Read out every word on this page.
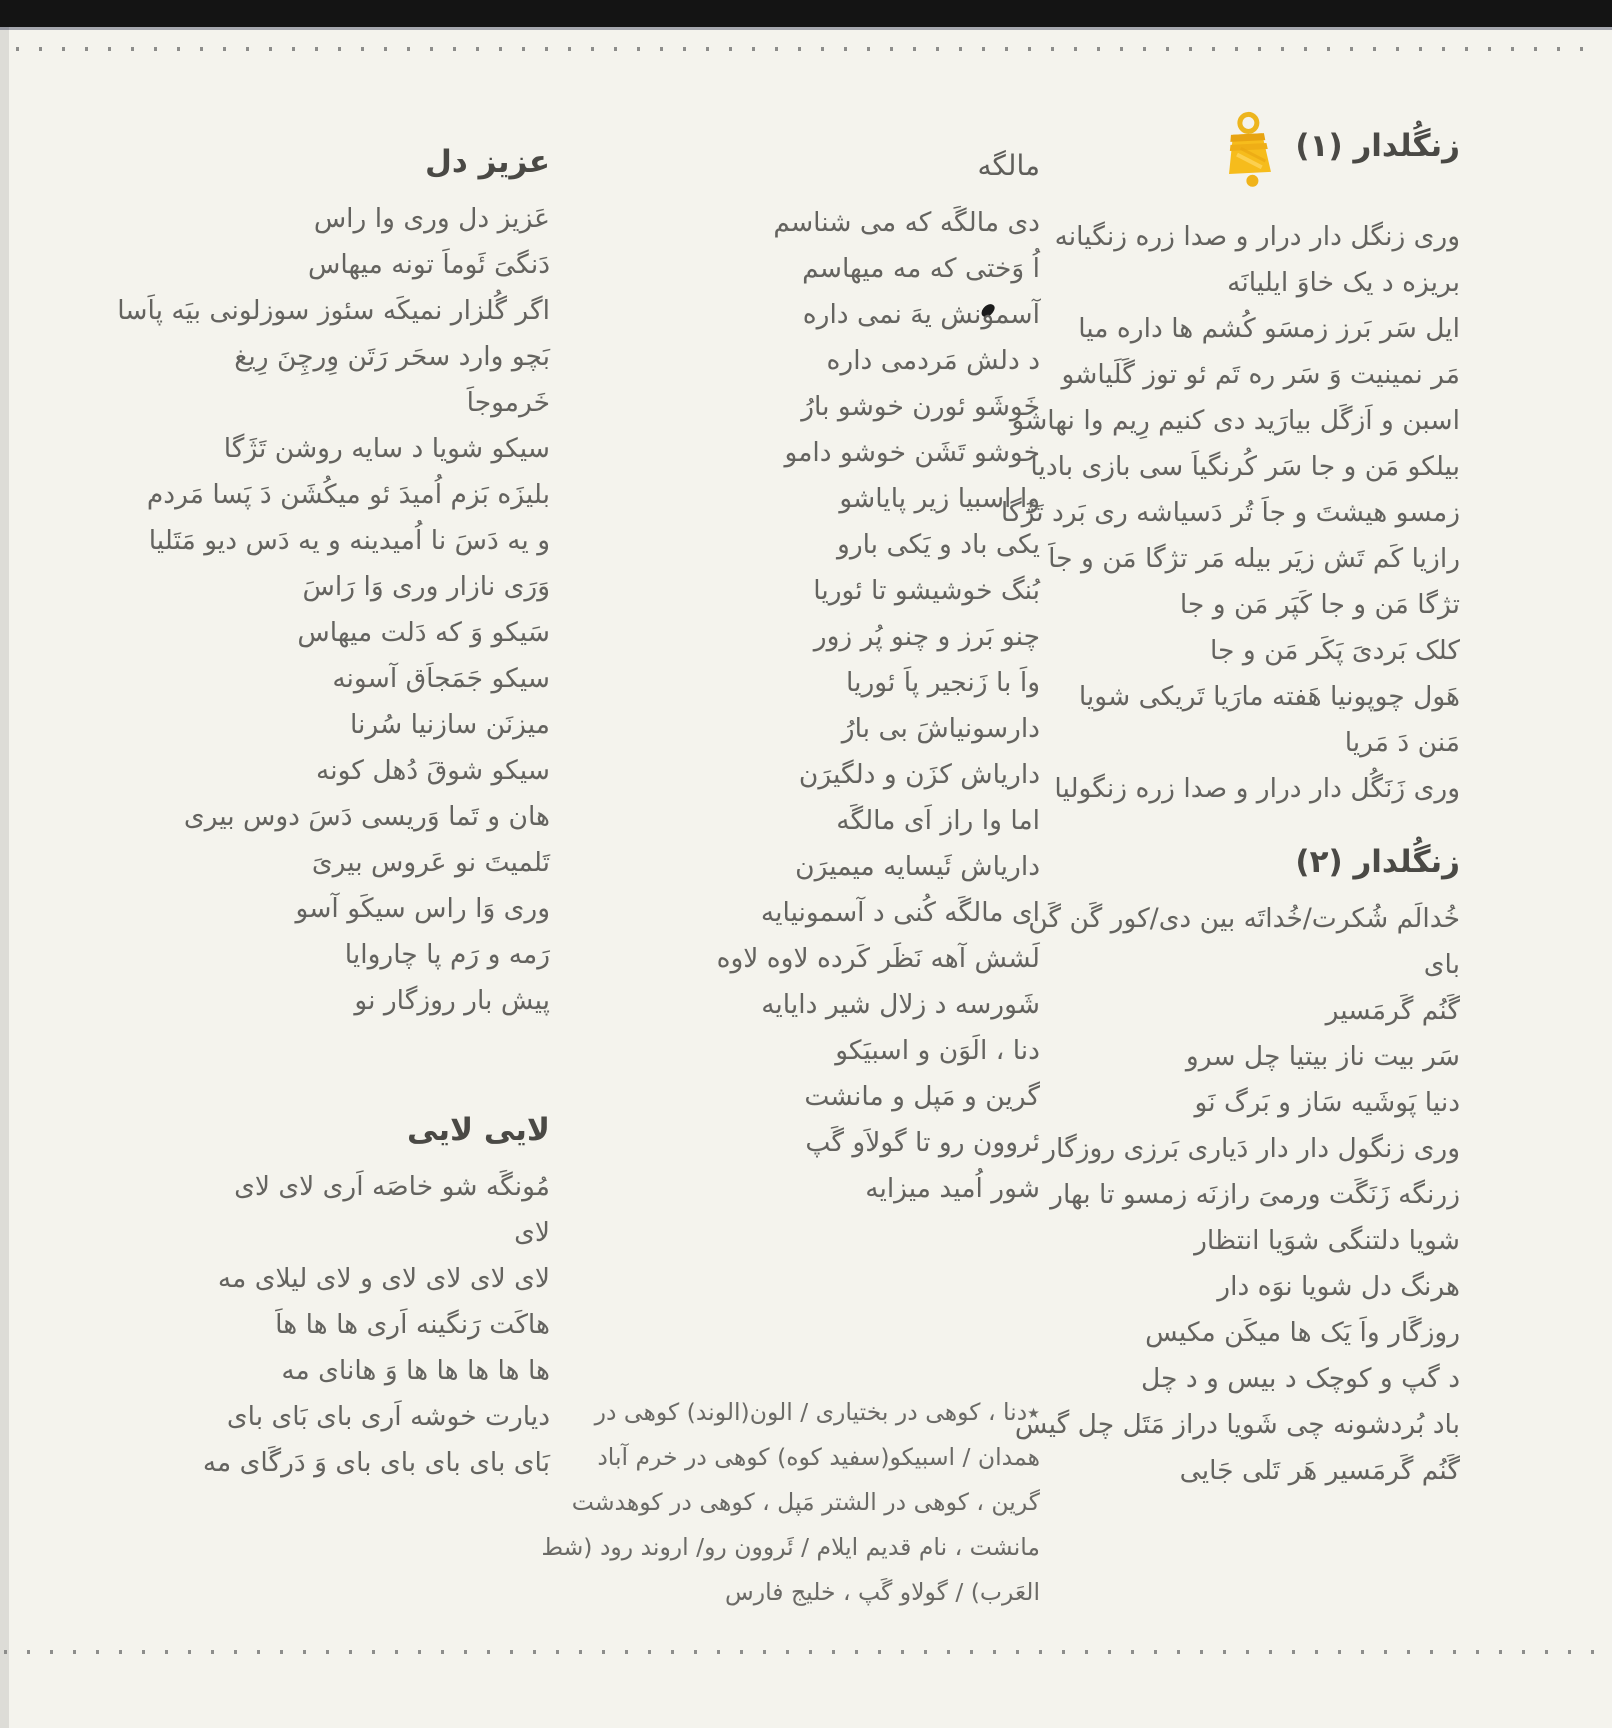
زنگُلدار (۱)
وری زنگل دار درار و صدا زره زنگیانه
بریزه د یک خاوَ ایلیانَه
ایل سَر بَرز زمسَو کُشم ها داره میا
مَر نمینیت وَ سَر ره تَم ئو توز گَلَیاشو
اسبن و اَزگَل بیارَید دی کنیم رِیم وا نهاشو
بیلکو مَن و جا سَر کُرنگیاَ سی بازی بادیا
زمسو هیشتَ و جاَ تُر دَسیاشه ری بَرد تَژَگا
رازیا کَم تَش زیَر بیله مَر تژگا مَن و جاَ
تژگا مَن و جا کَپَر مَن و جا
کلک بَردیَ پَکَر مَن و جا
هَول چوپونیا هَفته مارَیا تَریکی شویا
مَنن دَ مَریا
وری زَنَگُل دار درار و صدا زره زنگولیا
زنگُلدار (۲)
خُدالَم شُکرت/خُداتَه بین دی/کور گَن گَن
بای
گَنُم گَرمَسیر
سَر بیت ناز بیتیا چل سرو
دنیا پَوشَیه سَاز و بَرگ نَو
وری زنگول دار دار دَیاری بَرزی روزگار
زرنگه زَنَگَت ورمیَ رازنَه زمسو تا بهار
شویا دلتنگی شوَیا انتظار
هرنگ دل شویا نوَه دار
روزگَار واَ یَک ها میکَن مکیس
د گپ و کوچک د بیس و د چل
باد بُردشونه چی شَویا دراز مَتَل چل گیس
گَنُم گَرمَسیر هَر تَلی جَایی
مالگه
دی مالگَه که می شناسم
اُ وَختی که مه میهاسم
آسمونش یهَ نمی داره
د دلش مَردمی داره
خَوشَو ئورن خوشو بارُ
خوشو تَشَن خوشو دامو
وا اسبیا زیر پایاشو
یکی باد و یَکی بارو
بُنگ خوشیشو تا ئوریا
چنو بَرز و چنو پُر زور
واَ با زَنجیر پاَ ئوریا
دارسونیاشَ بی بارُ
داریاش کزَن و دلگیرَن
اما وا راز اَی مالگَه
داریاش ئَیسایه میمیرَن
ای مالگَه کُنی د آسمونیایه
لَشش آهه نَظَر کَرده لاوه لاوه
شَورسه د زلال شیر دایایه
دنا ، الَوَن و اسبیَکو
گرین و مَپل و مانشت
ئروون رو تا گولاَو گَپ
شور اُمید میزایه
٭دنا ، کوهی در بختیاری / الون(الوند) کوهی در
همدان / اسبیکو(سفید کوه) کوهی در خرم آباد
گرین ، کوهی در الشتر مَپل ، کوهی در کوهدشت
مانشت ، نام قدیم ایلام / ئَروون رو/ اروند رود (شط
العَرب) / گولاو گَپ ، خلیج فارس
عزیز دل
عَزیز دل وری وا راس
دَنگیَ ئَوماَ تونه میهاس
اگر گُلزار نمیکَه سئوز سوزلونی بیَه پاَسا
بَچو وارد سحَر رَتَن وِرچِنَ رِیغ
خَرموجاَ
سیکو شویا د سایه روشن تَژَگا
بلیزَه بَزم اُمیدَ ئو میکُشَن دَ پَسا مَردم
و یه دَسَ نا اُمیدینه و یه دَس دیو مَتَلیا
وَرَی نازار وری وَا رَاسَ
سَیکو وَ که دَلت میهاس
سیکو جَمَجاَق آسونه
میزنَن سازنیا سُرنا
سیکو شوقَ دُهل کونه
هان و تَما وَریسی دَسَ دوس بیری
تَلمیتَ نو عَروس بیریَ
وری وَا راس سیکَو آسو
رَمه و رَم پا چاروایا
پیش بار روزگار نو
لایی لایی
مُونگَه شو خاصَه اَری لای لای
لای
لای لای لای لای و لای لیلای مه
هاکَت رَنگینه اَری ها ها هاَ
ها ها ها ها ها وَ هانای مه
دیارت خوشه اَری بای بَای بای
بَای بای بای بای بای وَ دَرگَای مه
